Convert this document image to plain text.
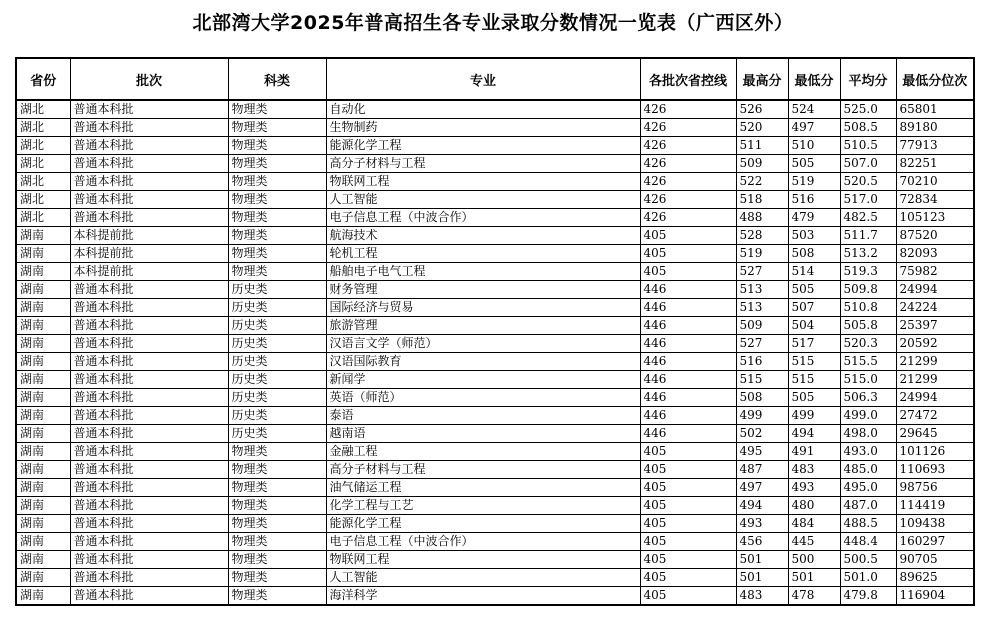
北部湾大学2025年普高招生各专业录取分数情况一览表（广西区外）
省份	批次	科类	专业	各批次省控线	最高分	最低分	平均分	最低分位次
湖北	普通本科批	物理类	自动化	426	526	524	525.0	65801
湖北	普通本科批	物理类	生物制药	426	520	497	508.5	89180
湖北	普通本科批	物理类	能源化学工程	426	511	510	510.5	77913
湖北	普通本科批	物理类	高分子材料与工程	426	509	505	507.0	82251
湖北	普通本科批	物理类	物联网工程	426	522	519	520.5	70210
湖北	普通本科批	物理类	人工智能	426	518	516	517.0	72834
湖北	普通本科批	物理类	电子信息工程（中波合作）	426	488	479	482.5	105123
湖南	本科提前批	物理类	航海技术	405	528	503	511.7	87520
湖南	本科提前批	物理类	轮机工程	405	519	508	513.2	82093
湖南	本科提前批	物理类	船舶电子电气工程	405	527	514	519.3	75982
湖南	普通本科批	历史类	财务管理	446	513	505	509.8	24994
湖南	普通本科批	历史类	国际经济与贸易	446	513	507	510.8	24224
湖南	普通本科批	历史类	旅游管理	446	509	504	505.8	25397
湖南	普通本科批	历史类	汉语言文学（师范）	446	527	517	520.3	20592
湖南	普通本科批	历史类	汉语国际教育	446	516	515	515.5	21299
湖南	普通本科批	历史类	新闻学	446	515	515	515.0	21299
湖南	普通本科批	历史类	英语（师范）	446	508	505	506.3	24994
湖南	普通本科批	历史类	泰语	446	499	499	499.0	27472
湖南	普通本科批	历史类	越南语	446	502	494	498.0	29645
湖南	普通本科批	物理类	金融工程	405	495	491	493.0	101126
湖南	普通本科批	物理类	高分子材料与工程	405	487	483	485.0	110693
湖南	普通本科批	物理类	油气储运工程	405	497	493	495.0	98756
湖南	普通本科批	物理类	化学工程与工艺	405	494	480	487.0	114419
湖南	普通本科批	物理类	能源化学工程	405	493	484	488.5	109438
湖南	普通本科批	物理类	电子信息工程（中波合作）	405	456	445	448.4	160297
湖南	普通本科批	物理类	物联网工程	405	501	500	500.5	90705
湖南	普通本科批	物理类	人工智能	405	501	501	501.0	89625
湖南	普通本科批	物理类	海洋科学	405	483	478	479.8	116904
